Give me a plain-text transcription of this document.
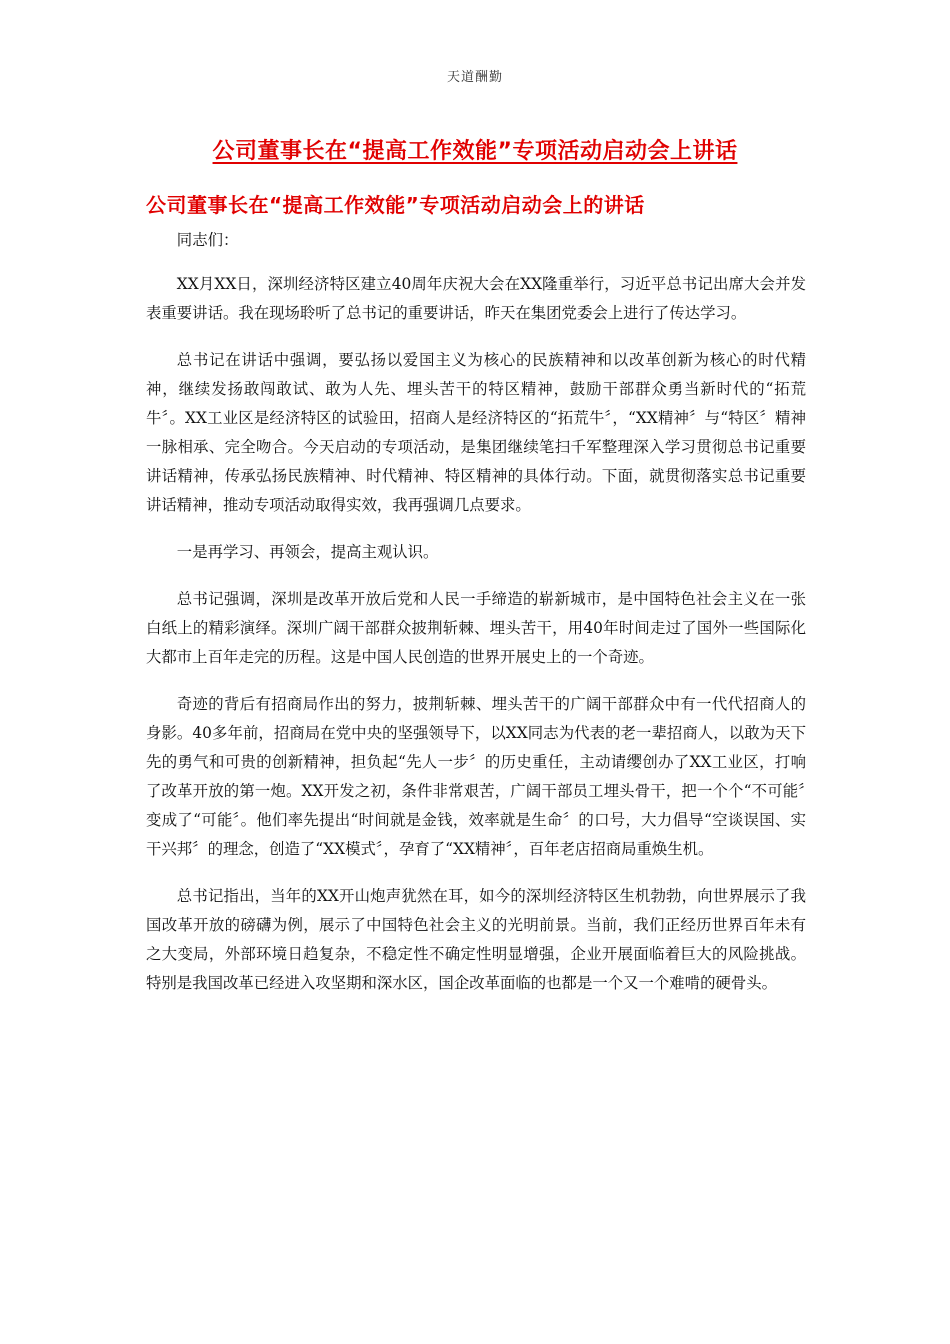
天道酬勤
公司董事长在“提高工作效能”专项活动启动会上讲话
公司董事长在“提高工作效能”专项活动启动会上的讲话

同志们：

XX月XX日，深圳经济特区建立40周年庆祝大会在XX隆重举行，习近平总书记出席大会并发表重要讲话。我在现场聆听了总书记的重要讲话，昨天在集团党委会上进行了传达学习。

总书记在讲话中强调，要弘扬以爱国主义为核心的民族精神和以改革创新为核心的时代精神，继续发扬敢闯敢试、敢为人先、埋头苦干的特区精神，鼓励干部群众勇当新时代的“拓荒牛〞。XX工业区是经济特区的试验田，招商人是经济特区的“拓荒牛〞，“XX精神〞与“特区〞精神一脉相承、完全吻合。今天启动的专项活动，是集团继续笔扫千军整理深入学习贯彻总书记重要讲话精神，传承弘扬民族精神、时代精神、特区精神的具体行动。下面，就贯彻落实总书记重要讲话精神，推动专项活动取得实效，我再强调几点要求。

一是再学习、再领会，提高主观认识。

总书记强调，深圳是改革开放后党和人民一手缔造的崭新城市，是中国特色社会主义在一张白纸上的精彩演绎。深圳广阔干部群众披荆斩棘、埋头苦干，用40年时间走过了国外一些国际化大都市上百年走完的历程。这是中国人民创造的世界开展史上的一个奇迹。

奇迹的背后有招商局作出的努力，披荆斩棘、埋头苦干的广阔干部群众中有一代代招商人的身影。40多年前，招商局在党中央的坚强领导下，以XX同志为代表的老一辈招商人，以敢为天下先的勇气和可贵的创新精神，担负起“先人一步〞的历史重任，主动请缨创办了XX工业区，打响了改革开放的第一炮。XX开发之初，条件非常艰苦，广阔干部员工埋头骨干，把一个个“不可能〞变成了“可能〞。他们率先提出“时间就是金钱，效率就是生命〞的口号，大力倡导“空谈误国、实干兴邦〞的理念，创造了“XX模式〞，孕育了“XX精神〞，百年老店招商局重焕生机。

总书记指出，当年的XX开山炮声犹然在耳，如今的深圳经济特区生机勃勃，向世界展示了我国改革开放的磅礴为例，展示了中国特色社会主义的光明前景。当前，我们正经历世界百年未有之大变局，外部环境日趋复杂，不稳定性不确定性明显增强，企业开展面临着巨大的风险挑战。特别是我国改革已经进入攻坚期和深水区，国企改革面临的也都是一个又一个难啃的硬骨头。
